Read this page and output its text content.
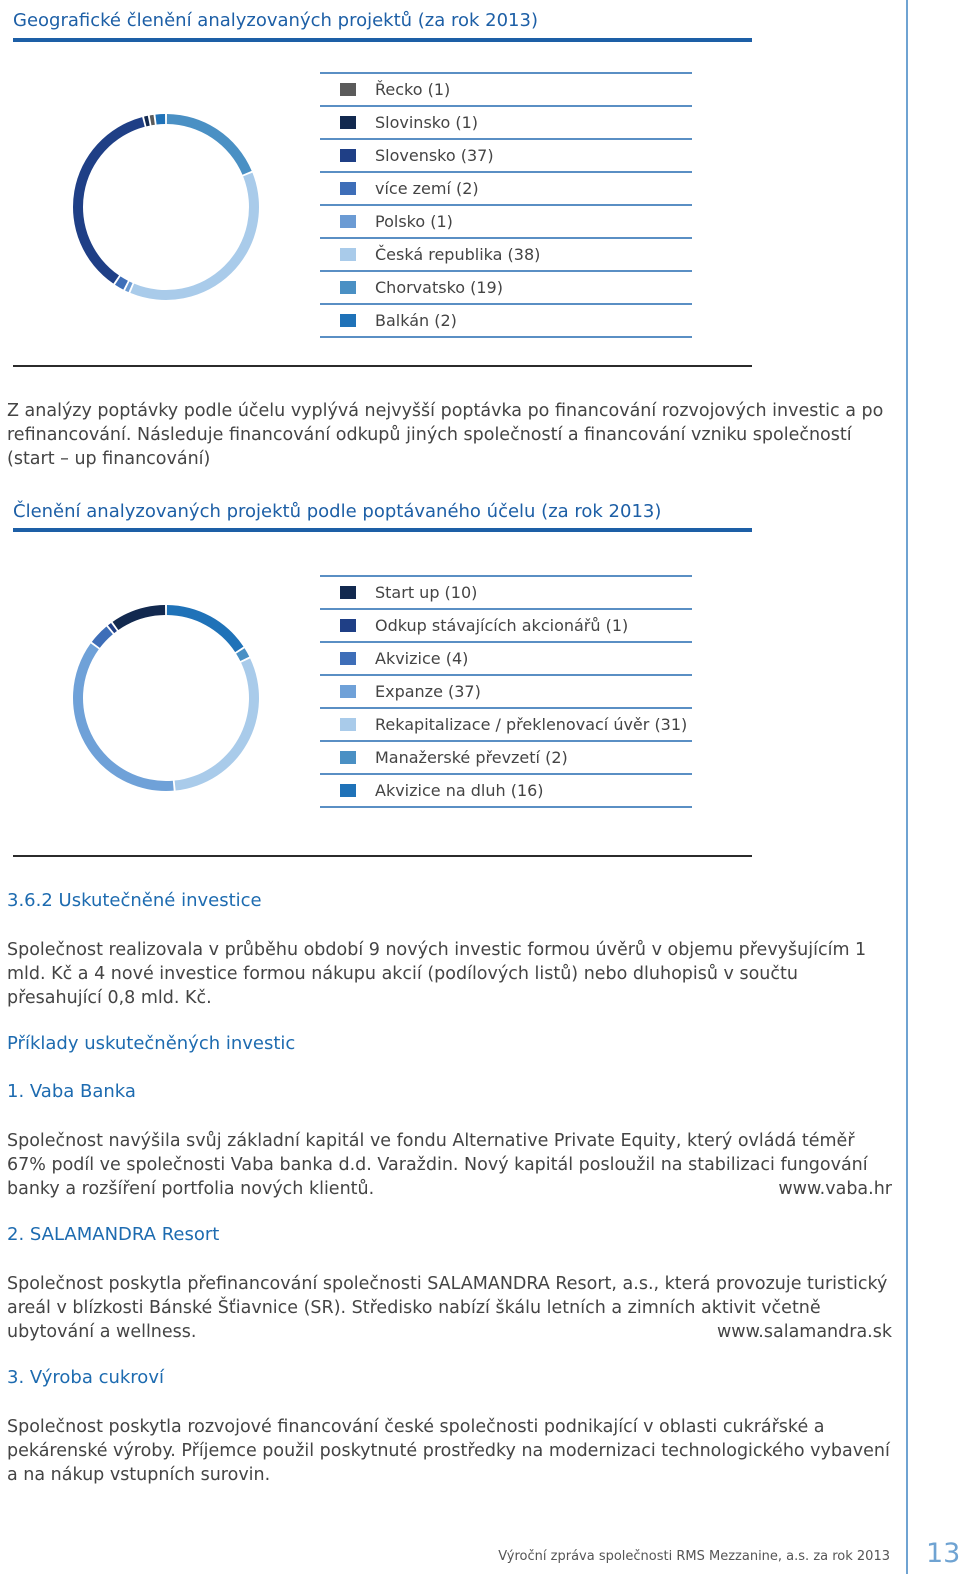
Geografické členění analyzovaných projektů (za rok 2013)
Řecko (1)
Slovinsko (1)
Slovensko (37)
více zemí (2)
Polsko (1)
Česká republika (38)
Chorvatsko (19)
Balkán (2)
Z analýzy poptávky podle účelu vyplývá nejvyšší poptávka po financování rozvojových investic a po refinancování. Následuje financování odkupů jiných společností a financování vzniku společností (start – up financování)
Členění analyzovaných projektů podle poptávaného účelu (za rok 2013)
Start up (10)
Odkup stávajících akcionářů (1)
Akvizice (4)
Expanze (37)
Rekapitalizace / překlenovací úvěr (31)
Manažerské převzetí (2)
Akvizice na dluh (16)
3.6.2 Uskutečněné investice
Společnost realizovala v průběhu období 9 nových investic formou úvěrů v objemu převyšujícím 1 mld. Kč a 4 nové investice formou nákupu akcií (podílových listů) nebo dluhopisů v součtu přesahující 0,8 mld. Kč.
Příklady uskutečněných investic
1. Vaba Banka

Společnost navýšila svůj základní kapitál ve fondu Alternative Private Equity, který ovládá téměř 67% podíl ve společnosti Vaba banka d.d. Varaždin. Nový kapitál posloužil na stabilizaci fungování banky a rozšíření portfolia nových klientů.	www.vaba.hr
2. SALAMANDRA Resort

Společnost poskytla přefinancování společnosti SALAMANDRA Resort, a.s., která provozuje turistický areál v blízkosti Bánské Šťiavnice (SR). Středisko nabízí škálu letních a zimních aktivit včetně ubytování a wellness.	www.salamandra.sk
3. Výroba cukroví
Společnost poskytla rozvojové financování české společnosti podnikající v oblasti cukrářské a pekárenské výroby. Příjemce použil poskytnuté prostředky na modernizaci technologického vybavení a na nákup vstupních surovin.
Výroční zpráva společnosti RMS Mezzanine, a.s. za rok 2013 13
